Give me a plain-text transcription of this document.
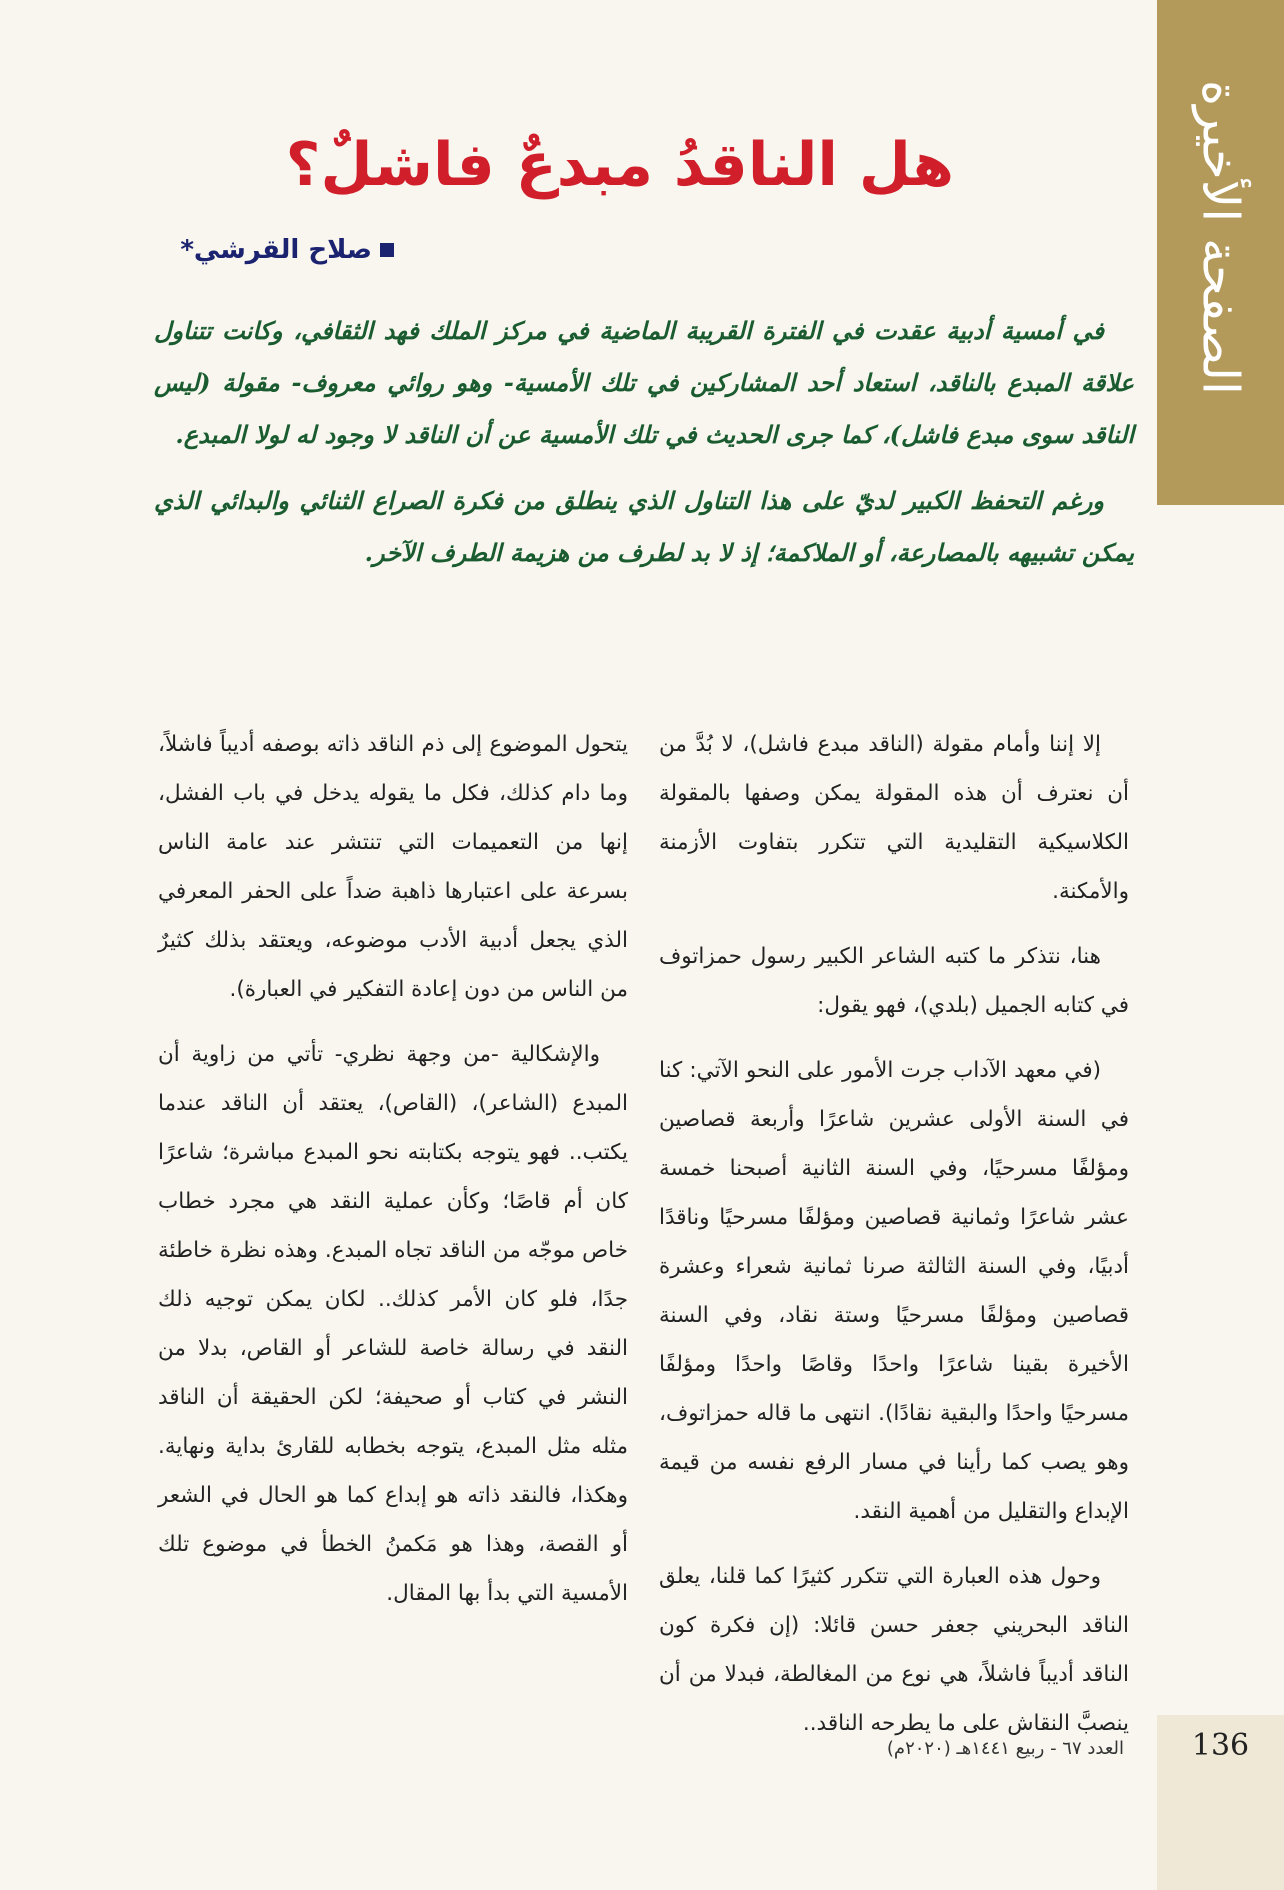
الصفحة الأخيرة
هل الناقدُ مبدعٌ فاشلٌ؟
صلاح القرشي*

في أمسية أدبية عقدت في الفترة القريبة الماضية في مركز الملك فهد الثقافي، وكانت تتناول علاقة المبدع بالناقد، استعاد أحد المشاركين في تلك الأمسية- وهو روائي معروف- مقولة (ليس الناقد سوى مبدع فاشل)، كما جرى الحديث في تلك الأمسية عن أن الناقد لا وجود له لولا المبدع.

ورغم التحفظ الكبير لديّ على هذا التناول الذي ينطلق من فكرة الصراع الثنائي والبدائي الذي يمكن تشبيهه بالمصارعة، أو الملاكمة؛ إذ لا بد لطرف من هزيمة الطرف الآخر.

إلا إننا وأمام مقولة (الناقد مبدع فاشل)، لا بُدَّ من أن نعترف أن هذه المقولة يمكن وصفها بالمقولة الكلاسيكية التقليدية التي تتكرر بتفاوت الأزمنة والأمكنة.

هنا، نتذكر ما كتبه الشاعر الكبير رسول حمزاتوف في كتابه الجميل (بلدي)، فهو يقول:

(في معهد الآداب جرت الأمور على النحو الآتي: كنا في السنة الأولى عشرين شاعرًا وأربعة قصاصين ومؤلفًا مسرحيًا، وفي السنة الثانية أصبحنا خمسة عشر شاعرًا وثمانية قصاصين ومؤلفًا مسرحيًا وناقدًا أدبيًا، وفي السنة الثالثة صرنا ثمانية شعراء وعشرة قصاصين ومؤلفًا مسرحيًا وستة نقاد، وفي السنة الأخيرة بقينا شاعرًا واحدًا وقاصًا واحدًا ومؤلفًا مسرحيًا واحدًا والبقية نقادًا). انتهى ما قاله حمزاتوف، وهو يصب كما رأينا في مسار الرفع نفسه من قيمة الإبداع والتقليل من أهمية النقد.

وحول هذه العبارة التي تتكرر كثيرًا كما قلنا، يعلق الناقد البحريني جعفر حسن قائلا: (إن فكرة كون الناقد أديباً فاشلاً، هي نوع من المغالطة، فبدلا من أن ينصبَّ النقاش على ما يطرحه الناقد..

يتحول الموضوع إلى ذم الناقد ذاته بوصفه أديباً فاشلاً، وما دام كذلك، فكل ما يقوله يدخل في باب الفشل، إنها من التعميمات التي تنتشر عند عامة الناس بسرعة على اعتبارها ذاهبة ضداً على الحفر المعرفي الذي يجعل أدبية الأدب موضوعه، ويعتقد بذلك كثيرٌ من الناس من دون إعادة التفكير في العبارة).

والإشكالية -من وجهة نظري- تأتي من زاوية أن المبدع (الشاعر)، (القاص)، يعتقد أن الناقد عندما يكتب.. فهو يتوجه بكتابته نحو المبدع مباشرة؛ شاعرًا كان أم قاصًا؛ وكأن عملية النقد هي مجرد خطاب خاص موجّه من الناقد تجاه المبدع. وهذه نظرة خاطئة جدًا، فلو كان الأمر كذلك.. لكان يمكن توجيه ذلك النقد في رسالة خاصة للشاعر أو القاص، بدلا من النشر في كتاب أو صحيفة؛ لكن الحقيقة أن الناقد مثله مثل المبدع، يتوجه بخطابه للقارئ بداية ونهاية. وهكذا، فالنقد ذاته هو إبداع كما هو الحال في الشعر أو القصة، وهذا هو مَكمنُ الخطأ في موضوع تلك الأمسية التي بدأ بها المقال.

136
العدد ٦٧ - ربيع ١٤٤١هـ (٢٠٢٠م)
